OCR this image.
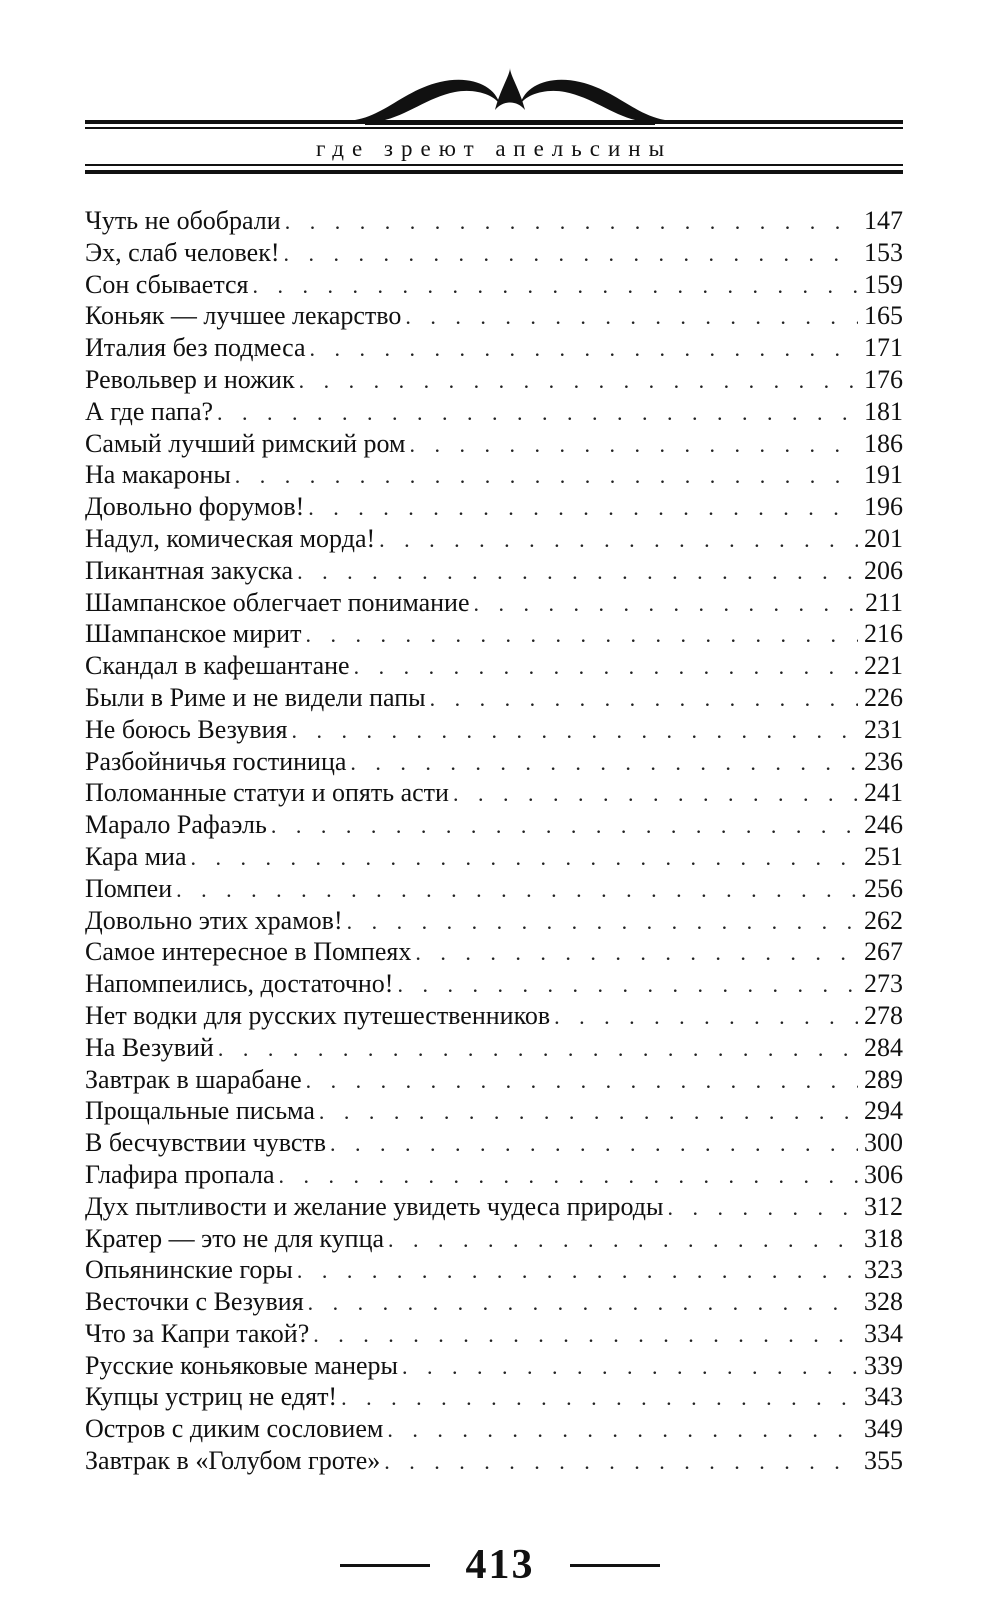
где зреют апельсины
Чуть не обобрали . . .	147
Эх, слаб человек! . . .	153
Сон сбывается . . .	159
Коньяк — лучшее лекарство . . .	165
Италия без подмеса . . .	171
Револьвер и ножик . . .	176
А где папа? . . .	181
Самый лучший римский ром . . .	186
На макароны . . .	191
Довольно форумов! . . .	196
Надул, комическая морда! . . .	201
Пикантная закуска . . .	206
Шампанское облегчает понимание . . .	211
Шампанское мирит . . .	216
Скандал в кафешантане . . .	221
Были в Риме и не видели папы . . .	226
Не боюсь Везувия . . .	231
Разбойничья гостиница . . .	236
Поломанные статуи и опять асти . . .	241
Марало Рафаэль . . .	246
Кара миа . . .	251
Помпеи . . .	256
Довольно этих храмов! . . .	262
Самое интересное в Помпеях . . .	267
Напомпеились, достаточно! . . .	273
Нет водки для русских путешественников . . .	278
На Везувий . . .	284
Завтрак в шарабане . . .	289
Прощальные письма . . .	294
В бесчувствии чувств . . .	300
Глафира пропала . . .	306
Дух пытливости и желание увидеть чудеса природы . . .	312
Кратер — это не для купца . . .	318
Опьянинские горы . . .	323
Весточки с Везувия . . .	328
Что за Капри такой? . . .	334
Русские коньяковые манеры . . .	339
Купцы устриц не едят! . . .	343
Остров с диким сословием . . .	349
Завтрак в «Голубом гроте» . . .	355
413
